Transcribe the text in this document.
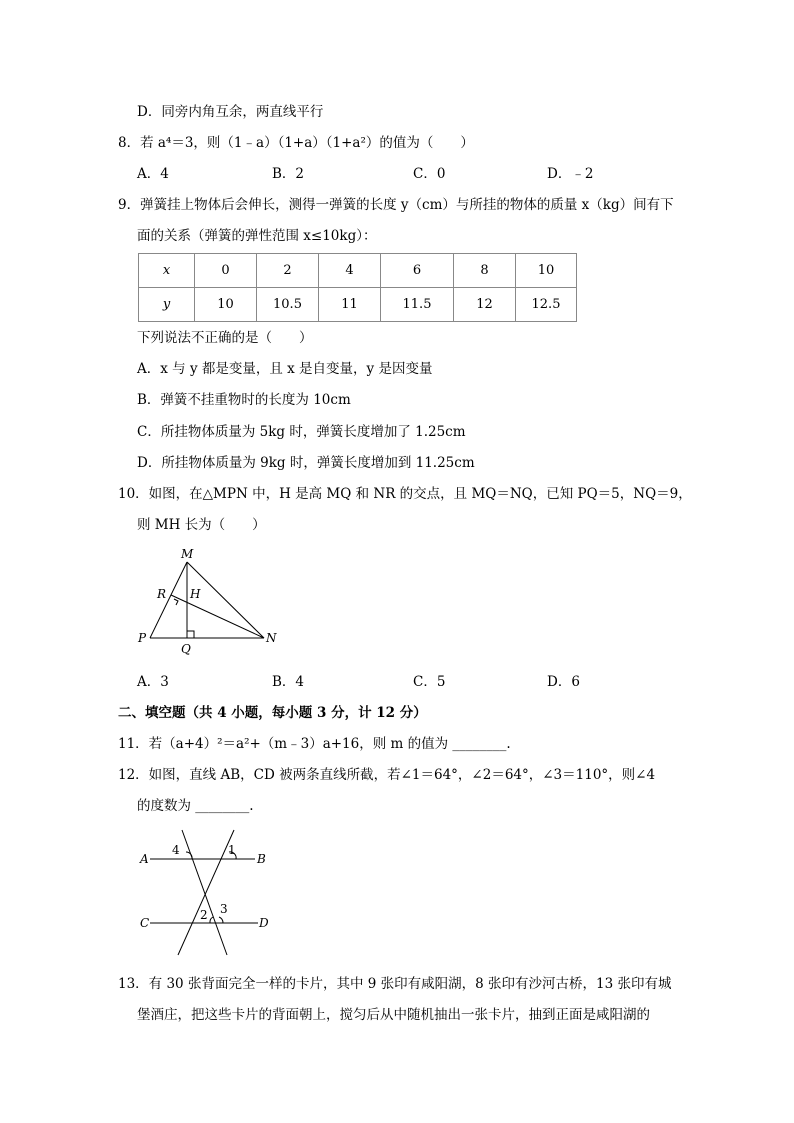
D．同旁内角互余，两直线平行
8．若 a⁴＝3，则（1﹣a）（1+a）（1+a²）的值为（　　）
A．4	B．2	C．0	D．﹣2
9．弹簧挂上物体后会伸长，测得一弹簧的长度 y（cm）与所挂的物体的质量 x（kg）间有下
面的关系（弹簧的弹性范围 x≤10kg）：
x	0	2	4	6	8	10
y	10	10.5	11	11.5	12	12.5
下列说法不正确的是（　　）
A．x 与 y 都是变量，且 x 是自变量，y 是因变量
B．弹簧不挂重物时的长度为 10cm
C．所挂物体质量为 5kg 时，弹簧长度增加了 1.25cm
D．所挂物体质量为 9kg 时，弹簧长度增加到 11.25cm
10．如图，在△MPN 中，H 是高 MQ 和 NR 的交点，且 MQ＝NQ，已知 PQ＝5，NQ＝9，
则 MH 长为（　　）
M
R H
P
Q
N
A．3	B．4	C．5	D．6
二、填空题（共 4 小题，每小题 3 分，计 12 分）
11．若（a+4）²＝a²+（m﹣3）a+16，则 m 的值为 ________.
12．如图，直线 AB，CD 被两条直线所截，若∠1＝64°，∠2＝64°，∠3＝110°，则∠4
的度数为 ________.
A	B
C	D
4	1
2 3
13．有 30 张背面完全一样的卡片，其中 9 张印有咸阳湖，8 张印有沙河古桥，13 张印有城
堡酒庄，把这些卡片的背面朝上，搅匀后从中随机抽出一张卡片，抽到正面是咸阳湖的
